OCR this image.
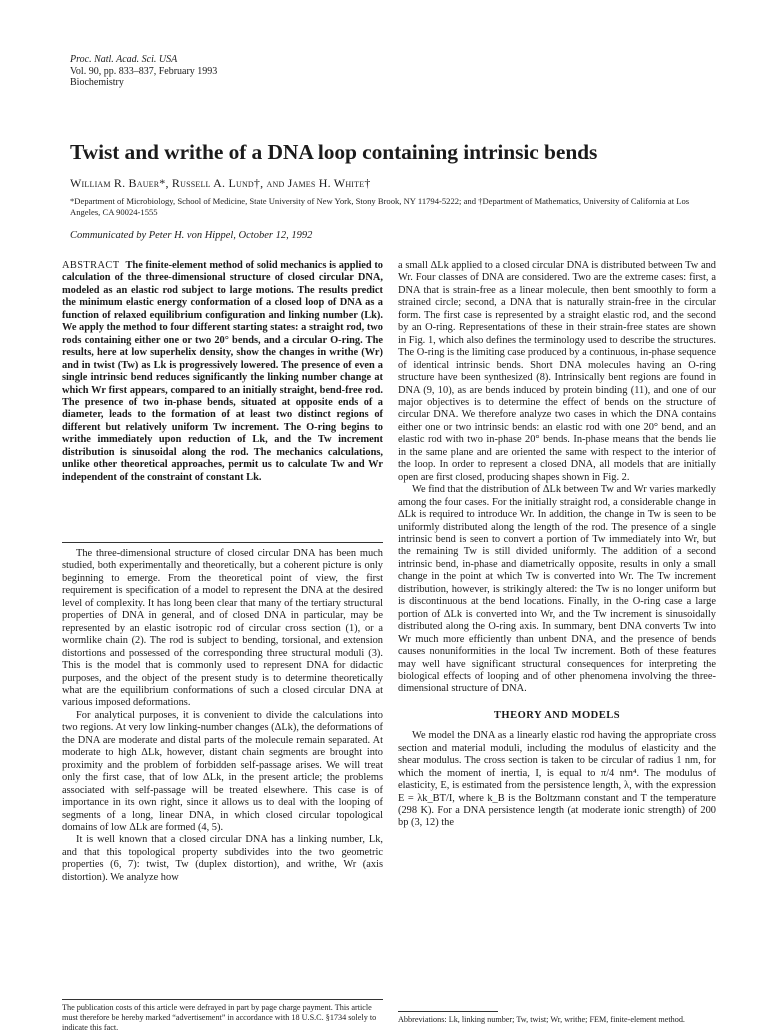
Proc. Natl. Acad. Sci. USA
Vol. 90, pp. 833–837, February 1993
Biochemistry
Twist and writhe of a DNA loop containing intrinsic bends
William R. Bauer*, Russell A. Lund†, and James H. White†
*Department of Microbiology, School of Medicine, State University of New York, Stony Brook, NY 11794-5222; and †Department of Mathematics, University of California at Los Angeles, CA 90024-1555
Communicated by Peter H. von Hippel, October 12, 1992

ABSTRACT The finite-element method of solid mechanics is applied to calculation of the three-dimensional structure of closed circular DNA, modeled as an elastic rod subject to large motions. The results predict the minimum elastic energy conformation of a closed loop of DNA as a function of relaxed equilibrium configuration and linking number (Lk). We apply the method to four different starting states: a straight rod, two rods containing either one or two 20° bends, and a circular O-ring. The results, here at low superhelix density, show the changes in writhe (Wr) and in twist (Tw) as Lk is progressively lowered. The presence of even a single intrinsic bend reduces significantly the linking number change at which Wr first appears, compared to an initially straight, bend-free rod. The presence of two in-phase bends, situated at opposite ends of a diameter, leads to the formation of at least two distinct regions of different but relatively uniform Tw increment. The O-ring begins to writhe immediately upon reduction of Lk, and the Tw increment distribution is sinusoidal along the rod. The mechanics calculations, unlike other theoretical approaches, permit us to calculate Tw and Wr independent of the constraint of constant Lk.

The three-dimensional structure of closed circular DNA has been much studied, both experimentally and theoretically, but a coherent picture is only beginning to emerge. From the theoretical point of view, the first requirement is specification of a model to represent the DNA at the desired level of complexity. It has long been clear that many of the tertiary structural properties of DNA in general, and of closed DNA in particular, may be represented by an elastic isotropic rod of circular cross section (1), or a wormlike chain (2). The rod is subject to bending, torsional, and extension distortions and possessed of the corresponding three structural moduli (3). This is the model that is commonly used to represent DNA for didactic purposes, and the object of the present study is to determine theoretically what are the equilibrium conformations of such a closed circular DNA at various imposed deformations.

For analytical purposes, it is convenient to divide the calculations into two regions. At very low linking-number changes (ΔLk), the deformations of the DNA are moderate and distal parts of the molecule remain separated. At moderate to high ΔLk, however, distant chain segments are brought into proximity and the problem of forbidden self-passage arises. We will treat only the first case, that of low ΔLk, in the present article; the problems associated with self-passage will be treated elsewhere. This case is of importance in its own right, since it allows us to deal with the looping of segments of a long, linear DNA, in which closed circular topological domains of low ΔLk are formed (4, 5).

It is well known that a closed circular DNA has a linking number, Lk, and that this topological property subdivides into the two geometric properties (6, 7): twist, Tw (duplex distortion), and writhe, Wr (axis distortion). We analyze how

a small ΔLk applied to a closed circular DNA is distributed between Tw and Wr. Four classes of DNA are considered. Two are the extreme cases: first, a DNA that is strain-free as a linear molecule, then bent smoothly to form a strained circle; second, a DNA that is naturally strain-free in the circular form. The first case is represented by a straight elastic rod, and the second by an O-ring. Representations of these in their strain-free states are shown in Fig. 1, which also defines the terminology used to describe the structures. The O-ring is the limiting case produced by a continuous, in-phase sequence of identical intrinsic bends. Short DNA molecules having an O-ring structure have been synthesized (8). Intrinsically bent regions are found in DNA (9, 10), as are bends induced by protein binding (11), and one of our major objectives is to determine the effect of bends on the structure of circular DNA. We therefore analyze two cases in which the DNA contains either one or two intrinsic bends: an elastic rod with one 20° bend, and an elastic rod with two in-phase 20° bends. In-phase means that the bends lie in the same plane and are oriented the same with respect to the interior of the loop. In order to represent a closed DNA, all models that are initially open are first closed, producing shapes shown in Fig. 2.

We find that the distribution of ΔLk between Tw and Wr varies markedly among the four cases. For the initially straight rod, a considerable change in ΔLk is required to introduce Wr. In addition, the change in Tw is seen to be uniformly distributed along the length of the rod. The presence of a single intrinsic bend is seen to convert a portion of Tw immediately into Wr, but the remaining Tw is still divided uniformly. The addition of a second intrinsic bend, in-phase and diametrically opposite, results in only a small change in the point at which Tw is converted into Wr. The Tw increment distribution, however, is strikingly altered: the Tw is no longer uniform but is discontinuous at the bend locations. Finally, in the O-ring case a large portion of ΔLk is converted into Wr, and the Tw increment is sinusoidally distributed along the O-ring axis. In summary, bent DNA converts Tw into Wr much more efficiently than unbent DNA, and the presence of bends causes nonuniformities in the local Tw increment. Both of these features may well have significant structural consequences for interpreting the biological effects of looping and of other phenomena involving the three-dimensional structure of DNA.

THEORY AND MODELS

We model the DNA as a linearly elastic rod having the appropriate cross section and material moduli, including the modulus of elasticity and the shear modulus. The cross section is taken to be circular of radius 1 nm, for which the moment of inertia, I, is equal to π/4 nm⁴. The modulus of elasticity, E, is estimated from the persistence length, λ, with the expression E = λk_BT/I, where k_B is the Boltzmann constant and T the temperature (298 K). For a DNA persistence length (at moderate ionic strength) of 200 bp (3, 12) the

The publication costs of this article were defrayed in part by page charge payment. This article must therefore be hereby marked “advertisement” in accordance with 18 U.S.C. §1734 solely to indicate this fact.
Abbreviations: Lk, linking number; Tw, twist; Wr, writhe; FEM, finite-element method.
